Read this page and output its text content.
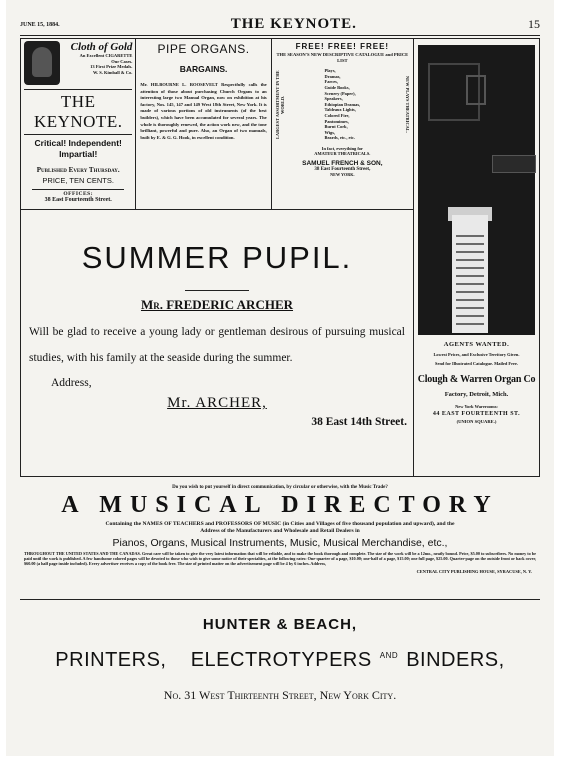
JUNE 15, 1884.	THE KEYNOTE.	15
Cloth of Gold
An Excellent CIGARETTE
Our Cases.
13 First Prize Medals.
W. S. Kimball & Co.
THE KEYNOTE.
Critical! Independent!
Impartial!
Published Every Thursday.
PRICE, TEN CENTS.
OFFICES:
38 East Fourteenth Street.
PIPE ORGANS.
BARGAINS.
Mr. HILBOURNE L. ROOSEVELT Respectfully calls the attention of those about purchasing Church Organs to an interesting large two Manual Organ, now on exhibition at his factory, Nos. 145, 147 and 149 West 18th Street, New York. It is made of various portions of old instruments (of the best builders), which have been accumulated for several years. The whole is thoroughly renewed, the action work new, and the tone brilliant, powerful and pure. Also, an Organ of two manuals, built by E. & G. G. Hook, in excellent condition.
FREE! FREE! FREE!
THE SEASON'S NEW DESCRIPTIVE CATALOGUE and PRICE LIST
LARGEST ASSORTMENT IN THE WORLD.
Plays,
Dramas,
Farces,
Guide Books,
Scenery (Paper),
Speakers,
Ethiopian Dramas,
Tableaux Lights,
Colored Fire,
Pantomimes,
Burnt Cork,
Wigs,
Beards, etc., etc.
NEW PLAYS THEATRICAL.
In fact, everything for
AMATEUR THEATRICALS.
SAMUEL FRENCH & SON,
38 East Fourteenth Street,
NEW YORK.
AGENTS WANTED.
Lowest Prices, and Exclusive Territory Given.
Send for Illustrated Catalogue. Mailed Free.
Clough & Warren Organ Co
Factory, Detroit, Mich.
New York Warerooms:
44 EAST FOURTEENTH ST.
(UNION SQUARE.)
SUMMER PUPIL.
Mr. FREDERIC ARCHER
Will be glad to receive a young lady or gentleman desirous of pursuing musical studies, with his family at the seaside during the summer.
Address,
Mr. ARCHER,
38 East 14th Street.
Do you wish to put yourself in direct communication, by circular or otherwise, with the Music Trade?
A MUSICAL DIRECTORY
Containing the NAMES OF TEACHERS and PROFESSORS OF MUSIC (in Cities and Villages of five thousand population and upward), and the
Address of the Manufacturers and Wholesale and Retail Dealers in
Pianos, Organs, Musical Instruments, Music, Musical Merchandise, etc.,
THROUGHOUT THE UNITED STATES AND THE CANADAS. Great care will be taken to give the very latest information that will be reliable, and to make the book thorough and complete. The size of the work will be a 12mo., neatly bound. Price, $5.00 to subscribers. No money to be paid until the work is published. A few handsome colored pages will be devoted to those who wish to give some notice of their specialties, at the following rates: One-quarter of a page, $10.00; one-half of a page, $15.00; one full page, $25.00. Quarter-page on the outside front or back cover, $60.00 (a half page inside included). Every advertiser receives a copy of the book free. The size of printed matter on the advertisement page will be 4 by 6 inches. Address,
CENTRAL CITY PUBLISHING HOUSE, SYRACUSE, N. Y.
HUNTER & BEACH,
PRINTERS, ELECTROTYPERS $^{AND}$ BINDERS,
No. 31 West Thirteenth Street, New York City.
